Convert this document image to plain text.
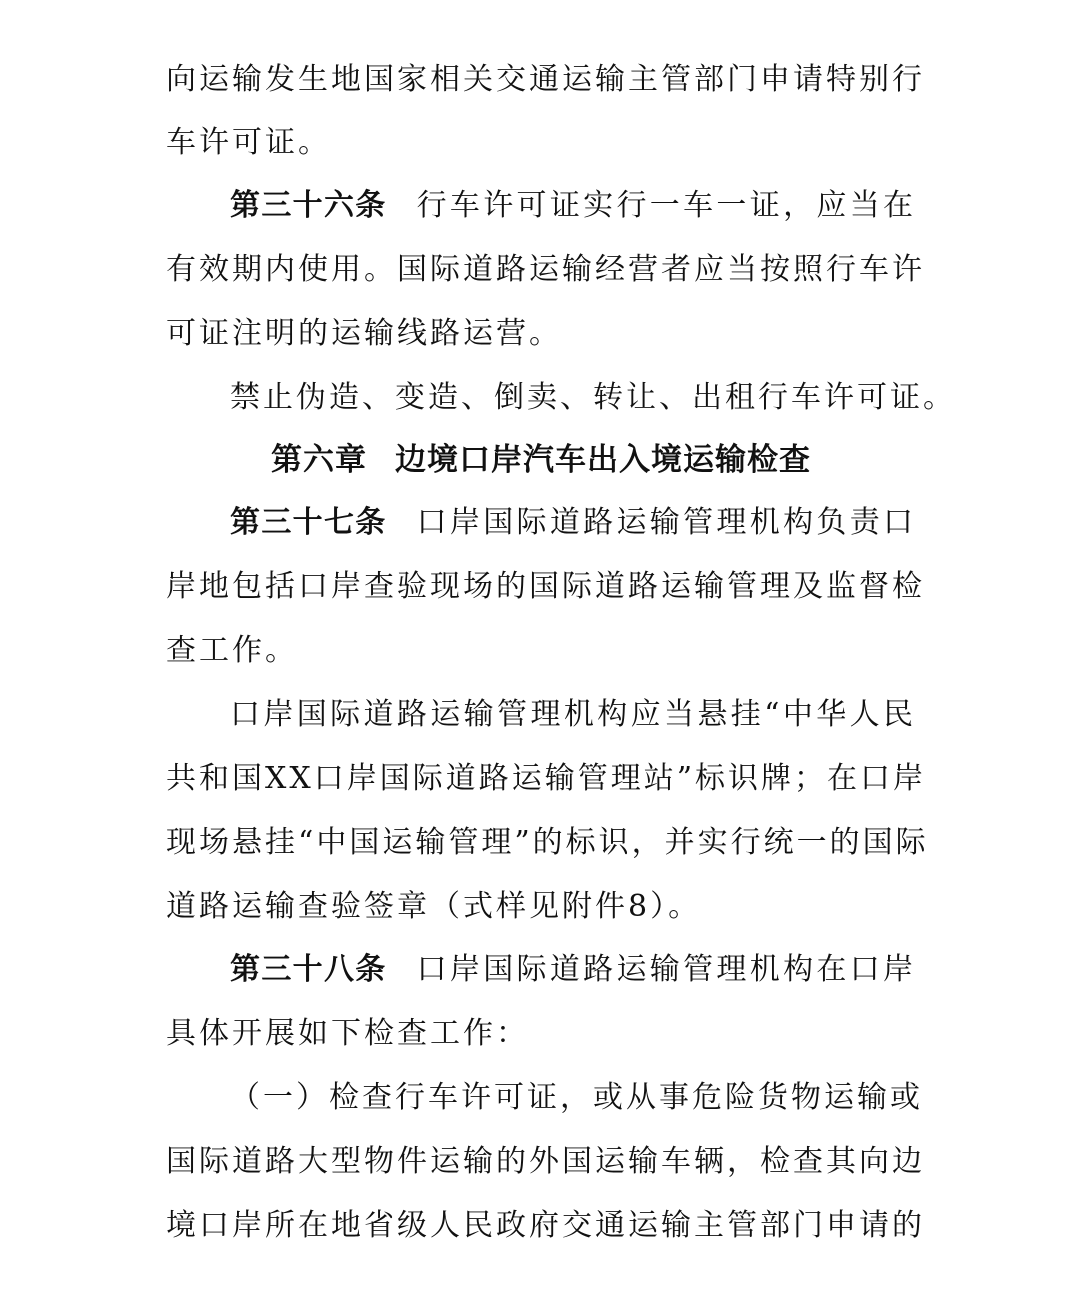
向运输发生地国家相关交通运输主管部门申请特别行
车许可证。
第三十六条 行车许可证实行一车一证，应当在
有效期内使用。国际道路运输经营者应当按照行车许
可证注明的运输线路运营。
禁止伪造、变造、倒卖、转让、出租行车许可证。
第六章 边境口岸汽车出入境运输检查
第三十七条 口岸国际道路运输管理机构负责口
岸地包括口岸查验现场的国际道路运输管理及监督检
查工作。
口岸国际道路运输管理机构应当悬挂“中华人民
共和国XX口岸国际道路运输管理站”标识牌；在口岸
现场悬挂“中国运输管理”的标识，并实行统一的国际
道路运输查验签章（式样见附件8）。
第三十八条 口岸国际道路运输管理机构在口岸
具体开展如下检查工作：
（一）检查行车许可证，或从事危险货物运输或
国际道路大型物件运输的外国运输车辆，检查其向边
境口岸所在地省级人民政府交通运输主管部门申请的
